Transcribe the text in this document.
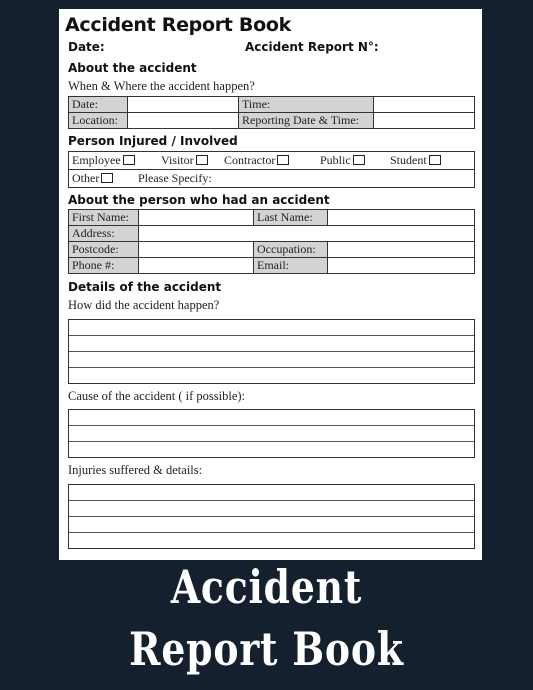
Accident Report Book
Date:	Accident Report N°:
About the accident
When & Where the accident happen?
Date:		Time:	
Location:		Reporting Date & Time:	
Person Injured / Involved
Employee	Visitor	Contractor	Public	Student
Other	Please Specify:
About the person who had an accident
First Name:		Last Name:	
Address:			
Postcode:		Occupation:	
Phone #:		Email:	
Details of the accident
How did the accident happen?
Cause of the accident ( if possible):
Injuries suffered & details:
Accident
Report Book
